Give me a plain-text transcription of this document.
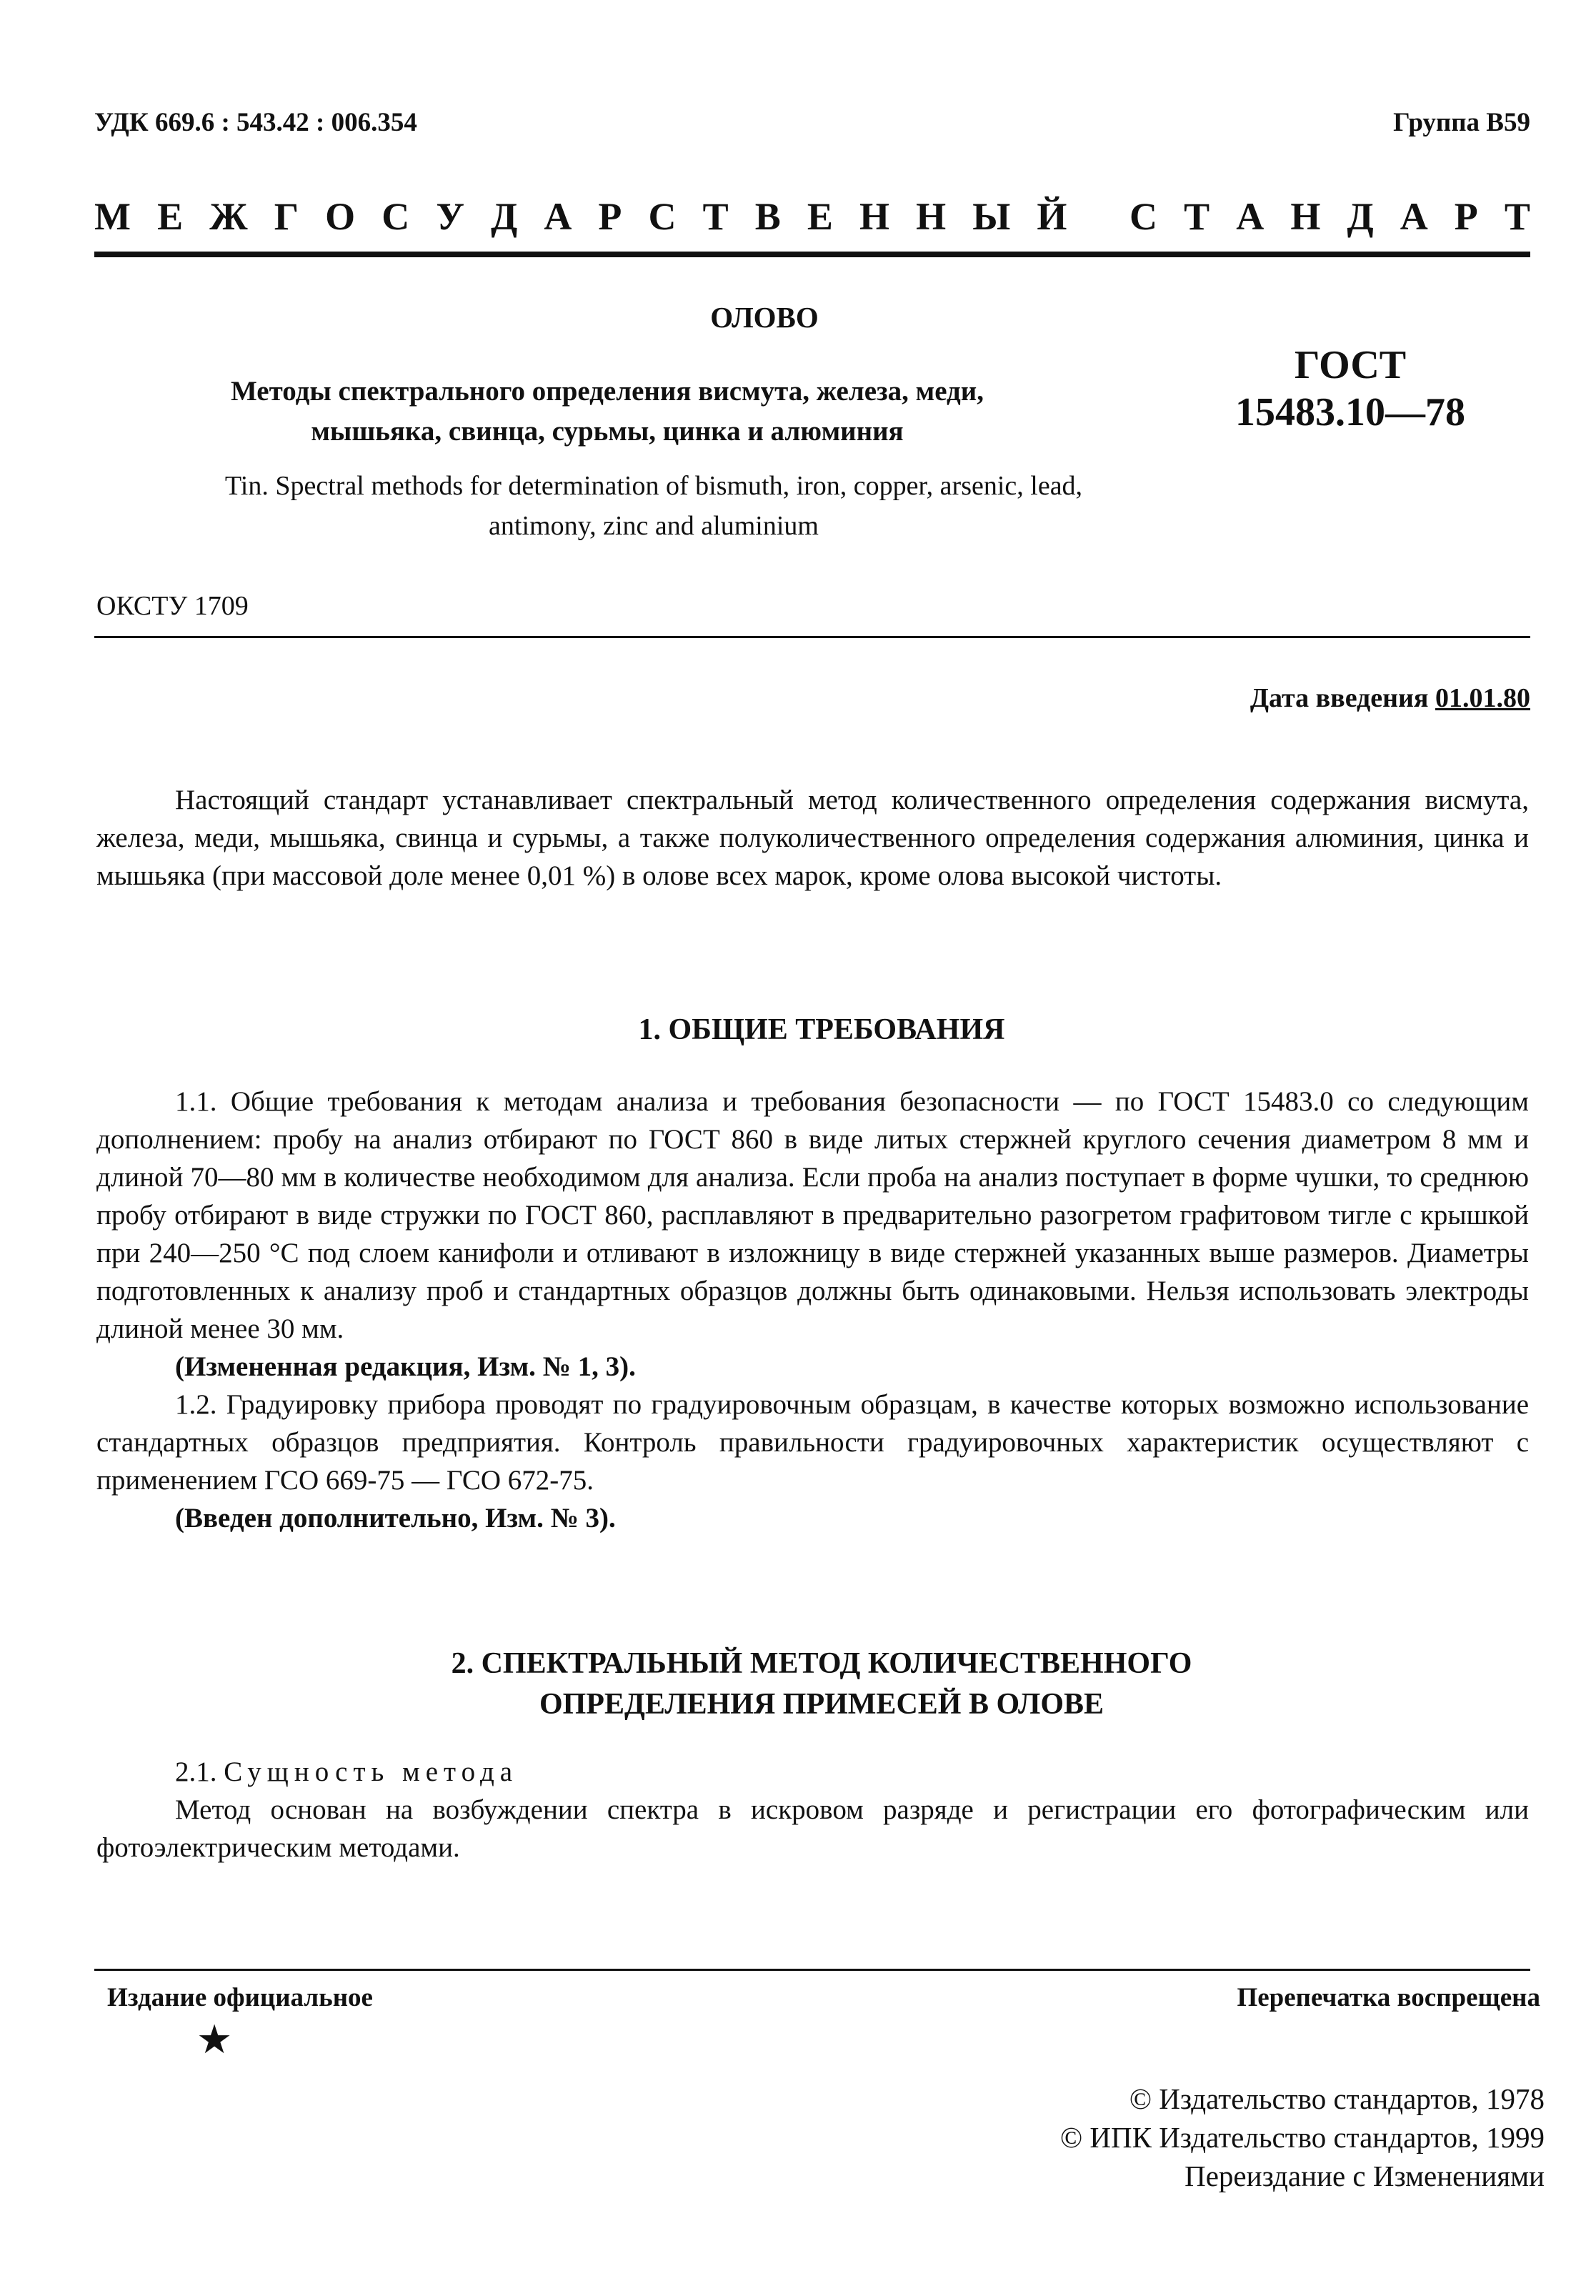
УДК 669.6 : 543.42 : 006.354	Группа В59
М Е Ж Г О С У Д А Р С Т В Е Н Н Ы Й
С Т А Н Д А Р Т
ОЛОВО
Методы спектрального определения висмута, железа, меди,
мышьяка, свинца, сурьмы, цинка и алюминия
ГОСТ
15483.10—78
Tin. Spectral methods for determination of bismuth, iron, copper, arsenic, lead,
antimony, zinc and aluminium
ОКСТУ 1709
Дата введения 01.01.80

Настоящий стандарт устанавливает спектральный метод количественного определения содержания висмута, железа, меди, мышьяка, свинца и сурьмы, а также полуколичественного определения содержания алюминия, цинка и мышьяка (при массовой доле менее 0,01 %) в олове всех марок, кроме олова высокой чистоты.

1. ОБЩИЕ ТРЕБОВАНИЯ

1.1. Общие требования к методам анализа и требования безопасности — по ГОСТ 15483.0 со следующим дополнением: пробу на анализ отбирают по ГОСТ 860 в виде литых стержней круглого сечения диаметром 8 мм и длиной 70—80 мм в количестве необходимом для анализа. Если проба на анализ поступает в форме чушки, то среднюю пробу отбирают в виде стружки по ГОСТ 860, расплавляют в предварительно разогретом графитовом тигле с крышкой при 240—250 °С под слоем канифоли и отливают в изложницу в виде стержней указанных выше размеров. Диаметры подготовленных к анализу проб и стандартных образцов должны быть одинаковыми. Нельзя использовать электроды длиной менее 30 мм.

(Измененная редакция, Изм. № 1, 3).

1.2. Градуировку прибора проводят по градуировочным образцам, в качестве которых возможно использование стандартных образцов предприятия. Контроль правильности градуировочных характеристик осуществляют с применением ГСО 669-75 — ГСО 672-75.

(Введен дополнительно, Изм. № 3).

2. СПЕКТРАЛЬНЫЙ МЕТОД КОЛИЧЕСТВЕННОГО
ОПРЕДЕЛЕНИЯ ПРИМЕСЕЙ В ОЛОВЕ

2.1. Сущность метода

Метод основан на возбуждении спектра в искровом разряде и регистрации его фотографическим или фотоэлектрическим методами.

Издание официальное	Перепечатка воспрещена
★
© Издательство стандартов, 1978
© ИПК Издательство стандартов, 1999
Переиздание с Изменениями
